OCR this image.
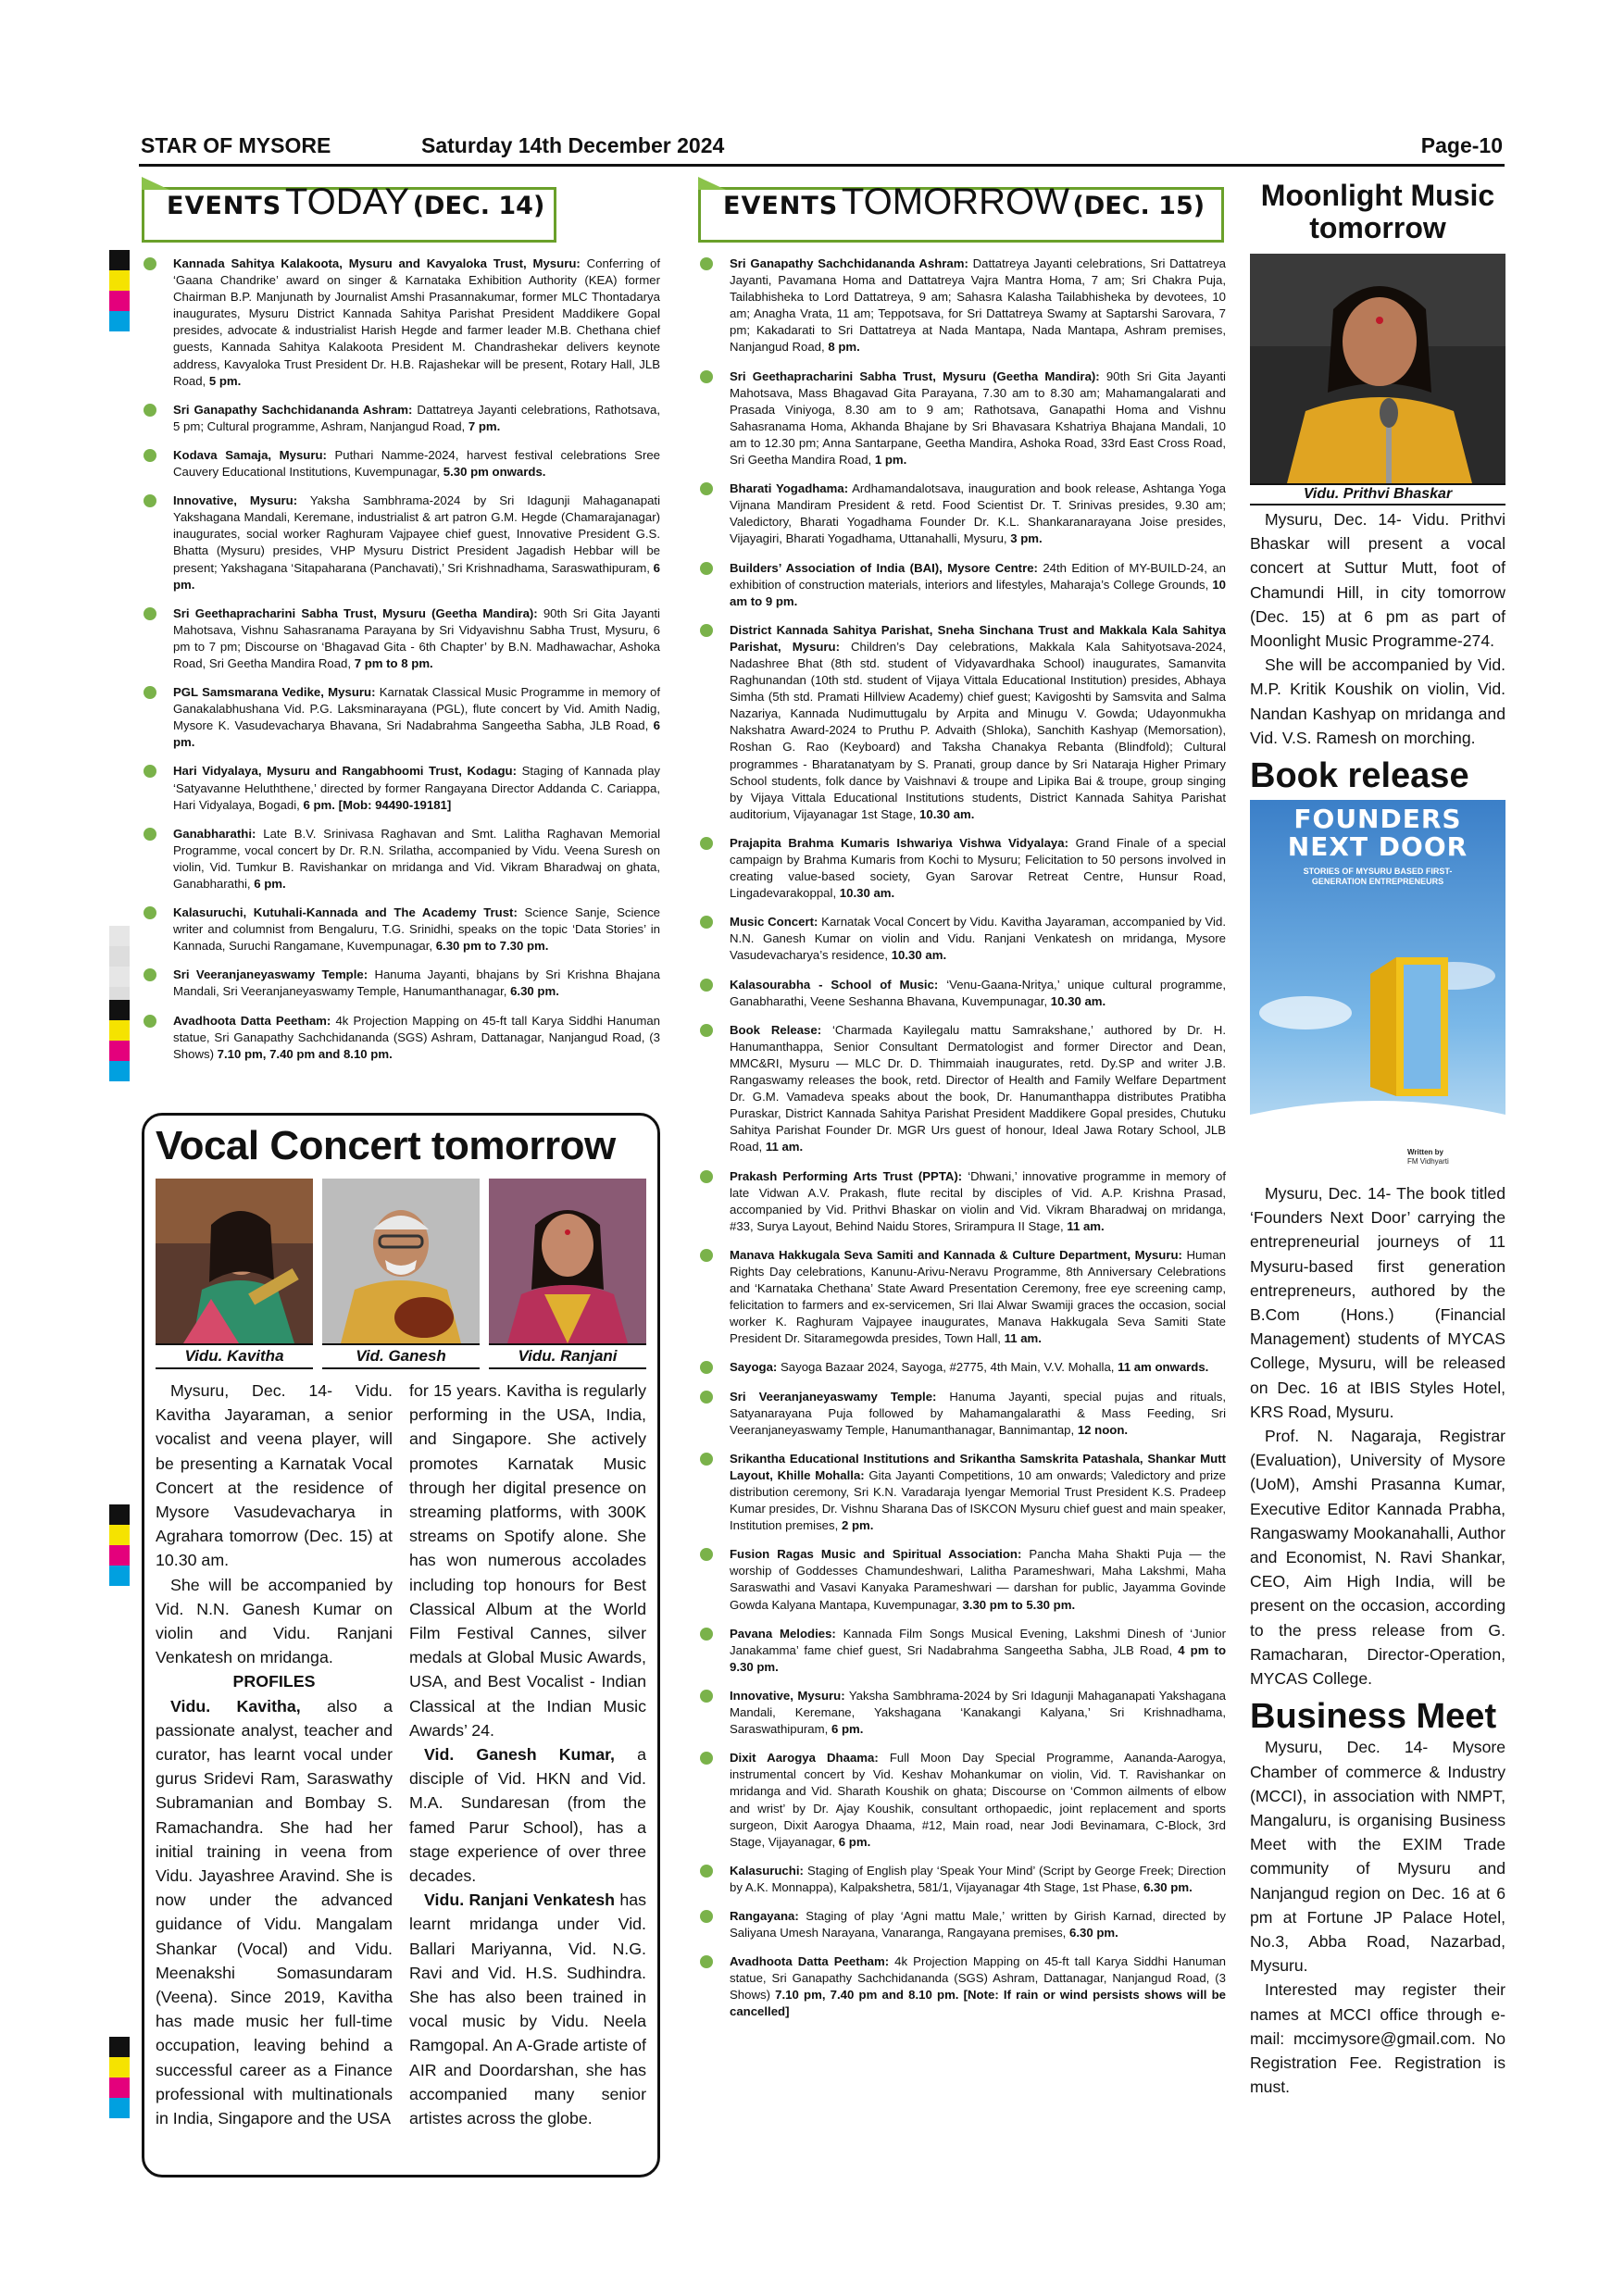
STAR OF MYSORE	Saturday 14th December 2024	Page-10
EVENTS TODAY (DEC. 14)
Kannada Sahitya Kalakoota, Mysuru and Kavyaloka Trust, Mysuru: Conferring of ‘Gaana Chandrike’ award on singer & Karnataka Exhibition Authority (KEA) former Chairman B.P. Manjunath by Journalist Amshi Prasannakumar, former MLC Thontadarya inaugurates, Mysuru District Kannada Sahitya Parishat President Maddikere Gopal presides, advocate & industrialist Harish Hegde and farmer leader M.B. Chethana chief guests, Kannada Sahitya Kalakoota President M. Chandrashekar delivers keynote address, Kavyaloka Trust President Dr. H.B. Rajashekar will be present, Rotary Hall, JLB Road, 5 pm.
Sri Ganapathy Sachchidananda Ashram: Dattatreya Jayanti celebrations, Rathotsava, 5 pm; Cultural programme, Ashram, Nanjangud Road, 7 pm.
Kodava Samaja, Mysuru: Puthari Namme-2024, harvest festival celebrations Sree Cauvery Educational Institutions, Kuvempunagar, 5.30 pm onwards.
Innovative, Mysuru: Yaksha Sambhrama-2024 by Sri Idagunji Mahaganapati Yakshagana Mandali, Keremane, industrialist & art patron G.M. Hegde (Chamarajanagar) inaugurates, social worker Raghuram Vajpayee chief guest, Innovative President G.S. Bhatta (Mysuru) presides, VHP Mysuru District President Jagadish Hebbar will be present; Yakshagana ‘Sitapaharana (Panchavati),’ Sri Krishnadhama, Saraswathipuram, 6 pm.
Sri Geethapracharini Sabha Trust, Mysuru (Geetha Mandira): 90th Sri Gita Jayanti Mahotsava, Vishnu Sahasranama Parayana by Sri Vidyavishnu Sabha Trust, Mysuru, 6 pm to 7 pm; Discourse on ‘Bhagavad Gita - 6th Chapter’ by B.N. Madhawachar, Ashoka Road, Sri Geetha Mandira Road, 7 pm to 8 pm.
PGL Samsmarana Vedike, Mysuru: Karnatak Classical Music Programme in memory of Ganakalabhushana Vid. P.G. Laksminarayana (PGL), flute concert by Vid. Amith Nadig, Mysore K. Vasudevacharya Bhavana, Sri Nadabrahma Sangeetha Sabha, JLB Road, 6 pm.
Hari Vidyalaya, Mysuru and Rangabhoomi Trust, Kodagu: Staging of Kannada play ‘Satyavanne Heluththene,’ directed by former Rangayana Director Addanda C. Cariappa, Hari Vidyalaya, Bogadi, 6 pm. [Mob: 94490-19181]
Ganabharathi: Late B.V. Srinivasa Raghavan and Smt. Lalitha Raghavan Memorial Programme, vocal concert by Dr. R.N. Srilatha, accompanied by Vidu. Veena Suresh on violin, Vid. Tumkur B. Ravishankar on mridanga and Vid. Vikram Bharadwaj on ghata, Ganabharathi, 6 pm.
Kalasuruchi, Kutuhali-Kannada and The Academy Trust: Science Sanje, Science writer and columnist from Bengaluru, T.G. Srinidhi, speaks on the topic ‘Data Stories’ in Kannada, Suruchi Rangamane, Kuvempunagar, 6.30 pm to 7.30 pm.
Sri Veeranjaneyaswamy Temple: Hanuma Jayanti, bhajans by Sri Krishna Bhajana Mandali, Sri Veeranjaneyaswamy Temple, Hanumanthanagar, 6.30 pm.
Avadhoota Datta Peetham: 4k Projection Mapping on 45-ft tall Karya Siddhi Hanuman statue, Sri Ganapathy Sachchidananda (SGS) Ashram, Dattanagar, Nanjangud Road, (3 Shows) 7.10 pm, 7.40 pm and 8.10 pm.
Vocal Concert tomorrow
Vidu. Kavitha	Vid. Ganesh	Vidu. Ranjani

Mysuru, Dec. 14- Vidu. Kavitha Jayaraman, a senior vocalist and veena player, will be presenting a Karnatak Vocal Concert at the residence of Mysore Vasudevacharya in Agrahara tomorrow (Dec. 15) at 10.30 am.

She will be accompanied by Vid. N.N. Ganesh Kumar on violin and Vidu. Ranjani Venkatesh on mridanga.

PROFILES

Vidu. Kavitha, also a passionate analyst, teacher and curator, has learnt vocal under gurus Sridevi Ram, Saraswathy Subramanian and Bombay S. Ramachandra. She had her initial training in veena from Vidu. Jayashree Aravind. She is now under the advanced guidance of Vidu. Mangalam Shankar (Vocal) and Vidu. Meenakshi Somasundaram (Veena). Since 2019, Kavitha has made music her full-time occupation, leaving behind a successful career as a Finance professional with multinationals in India, Singapore and the USA

for 15 years. Kavitha is regularly performing in the USA, India, and Singapore. She actively promotes Karnatak Music through her digital presence on streaming platforms, with 300K streams on Spotify alone. She has won numerous accolades including top honours for Best Classical Album at the World Film Festival Cannes, silver medals at Global Music Awards, USA, and Best Vocalist - Indian Classical at the Indian Music Awards’ 24.

Vid. Ganesh Kumar, a disciple of Vid. HKN and Vid. M.A. Sundaresan (from the famed Parur School), has a stage experience of over three decades.

Vidu. Ranjani Venkatesh has learnt mridanga under Vid. Ballari Mariyanna, Vid. N.G. Ravi and Vid. H.S. Sudhindra. She has also been trained in vocal music by Vidu. Neela Ramgopal. An A-Grade artiste of AIR and Doordarshan, she has accompanied many senior artistes across the globe.

EVENTS TOMORROW (DEC. 15)
Sri Ganapathy Sachchidananda Ashram: Dattatreya Jayanti celebrations, Sri Dattatreya Jayanti, Pavamana Homa and Dattatreya Vajra Mantra Homa, 7 am; Sri Chakra Puja, Tailabhisheka to Lord Dattatreya, 9 am; Sahasra Kalasha Tailabhisheka by devotees, 10 am; Anagha Vrata, 11 am; Teppotsava, for Sri Dattatreya Swamy at Saptarshi Sarovara, 7 pm; Kakadarati to Sri Dattatreya at Nada Mantapa, Nada Mantapa, Ashram premises, Nanjangud Road, 8 pm.
Sri Geethapracharini Sabha Trust, Mysuru (Geetha Mandira): 90th Sri Gita Jayanti Mahotsava, Mass Bhagavad Gita Parayana, 7.30 am to 8.30 am; Mahamangalarati and Prasada Viniyoga, 8.30 am to 9 am; Rathotsava, Ganapathi Homa and Vishnu Sahasranama Homa, Akhanda Bhajane by Sri Bhavasara Kshatriya Bhajana Mandali, 10 am to 12.30 pm; Anna Santarpane, Geetha Mandira, Ashoka Road, 33rd East Cross Road, Sri Geetha Mandira Road, 1 pm.
Bharati Yogadhama: Ardhamandalotsava, inauguration and book release, Ashtanga Yoga Vijnana Mandiram President & retd. Food Scientist Dr. T. Srinivas presides, 9.30 am; Valedictory, Bharati Yogadhama Founder Dr. K.L. Shankaranarayana Joise presides, Vijayagiri, Bharati Yogadhama, Uttanahalli, Mysuru, 3 pm.
Builders’ Association of India (BAI), Mysore Centre: 24th Edition of MY-BUILD-24, an exhibition of construction materials, interiors and lifestyles, Maharaja’s College Grounds, 10 am to 9 pm.
District Kannada Sahitya Parishat, Sneha Sinchana Trust and Makkala Kala Sahitya Parishat, Mysuru: Children’s Day celebrations, Makkala Kala Sahityotsava-2024, Nadashree Bhat (8th std. student of Vidyavardhaka School) inaugurates, Samanvita Raghunandan (10th std. student of Vijaya Vittala Educational Institution) presides, Abhaya Simha (5th std. Pramati Hillview Academy) chief guest; Kavigoshti by Samsvita and Salma Nazariya, Kannada Nudimuttugalu by Arpita and Minugu V. Gowda; Udayonmukha Nakshatra Award-2024 to Pruthu P. Advaith (Shloka), Sanchith Kashyap (Memorsation), Roshan G. Rao (Keyboard) and Taksha Chanakya Rebanta (Blindfold); Cultural programmes - Bharatanatyam by S. Pranati, group dance by Sri Nataraja Higher Primary School students, folk dance by Vaishnavi & troupe and Lipika Bai & troupe, group singing by Vijaya Vittala Educational Institutions students, District Kannada Sahitya Parishat auditorium, Vijayanagar 1st Stage, 10.30 am.
Prajapita Brahma Kumaris Ishwariya Vishwa Vidyalaya: Grand Finale of a special campaign by Brahma Kumaris from Kochi to Mysuru; Felicitation to 50 persons involved in creating value-based society, Gyan Sarovar Retreat Centre, Hunsur Road, Lingadevarakoppal, 10.30 am.
Music Concert: Karnatak Vocal Concert by Vidu. Kavitha Jayaraman, accompanied by Vid. N.N. Ganesh Kumar on violin and Vidu. Ranjani Venkatesh on mridanga, Mysore Vasudevacharya’s residence, 10.30 am.
Kalasourabha - School of Music: ‘Venu-Gaana-Nritya,’ unique cultural programme, Ganabharathi, Veene Seshanna Bhavana, Kuvempunagar, 10.30 am.
Book Release: ‘Charmada Kayilegalu mattu Samrakshane,’ authored by Dr. H. Hanumanthappa, Senior Consultant Dermatologist and former Director and Dean, MMC&RI, Mysuru — MLC Dr. D. Thimmaiah inaugurates, retd. Dy.SP and writer J.B. Rangaswamy releases the book, retd. Director of Health and Family Welfare Department Dr. G.M. Vamadeva speaks about the book, Dr. Hanumanthappa distributes Pratibha Puraskar, District Kannada Sahitya Parishat President Maddikere Gopal presides, Chutuku Sahitya Parishat Founder Dr. MGR Urs guest of honour, Ideal Jawa Rotary School, JLB Road, 11 am.
Prakash Performing Arts Trust (PPTA): ‘Dhwani,’ innovative programme in memory of late Vidwan A.V. Prakash, flute recital by disciples of Vid. A.P. Krishna Prasad, accompanied by Vid. Prithvi Bhaskar on violin and Vid. Vikram Bharadwaj on mridanga, #33, Surya Layout, Behind Naidu Stores, Srirampura II Stage, 11 am.
Manava Hakkugala Seva Samiti and Kannada & Culture Department, Mysuru: Human Rights Day celebrations, Kanunu-Arivu-Neravu Programme, 8th Anniversary Celebrations and ‘Karnataka Chethana’ State Award Presentation Ceremony, free eye screening camp, felicitation to farmers and ex-servicemen, Sri Ilai Alwar Swamiji graces the occasion, social worker K. Raghuram Vajpayee inaugurates, Manava Hakkugala Seva Samiti State President Dr. Sitaramegowda presides, Town Hall, 11 am.
Sayoga: Sayoga Bazaar 2024, Sayoga, #2775, 4th Main, V.V. Mohalla, 11 am onwards.
Sri Veeranjaneyaswamy Temple: Hanuma Jayanti, special pujas and rituals, Satyanarayana Puja followed by Mahamangalarathi & Mass Feeding, Sri Veeranjaneyaswamy Temple, Hanumanthanagar, Bannimantap, 12 noon.
Srikantha Educational Institutions and Srikantha Samskrita Patashala, Shankar Mutt Layout, Khille Mohalla: Gita Jayanti Competitions, 10 am onwards; Valedictory and prize distribution ceremony, Sri K.N. Varadaraja Iyengar Memorial Trust President K.S. Pradeep Kumar presides, Dr. Vishnu Sharana Das of ISKCON Mysuru chief guest and main speaker, Institution premises, 2 pm.
Fusion Ragas Music and Spiritual Association: Pancha Maha Shakti Puja — the worship of Goddesses Chamundeshwari, Lalitha Parameshwari, Maha Lakshmi, Maha Saraswathi and Vasavi Kanyaka Parameshwari — darshan for public, Jayamma Govinde Gowda Kalyana Mantapa, Kuvempunagar, 3.30 pm to 5.30 pm.
Pavana Melodies: Kannada Film Songs Musical Evening, Lakshmi Dinesh of ‘Junior Janakamma’ fame chief guest, Sri Nadabrahma Sangeetha Sabha, JLB Road, 4 pm to 9.30 pm.
Innovative, Mysuru: Yaksha Sambhrama-2024 by Sri Idagunji Mahaganapati Yakshagana Mandali, Keremane, Yakshagana ‘Kanakangi Kalyana,’ Sri Krishnadhama, Saraswathipuram, 6 pm.
Dixit Aarogya Dhaama: Full Moon Day Special Programme, Aananda-Aarogya, instrumental concert by Vid. Keshav Mohankumar on violin, Vid. T. Ravishankar on mridanga and Vid. Sharath Koushik on ghata; Discourse on ‘Common ailments of elbow and wrist’ by Dr. Ajay Koushik, consultant orthopaedic, joint replacement and sports surgeon, Dixit Aarogya Dhaama, #12, Main road, near Jodi Bevinamara, C-Block, 3rd Stage, Vijayanagar, 6 pm.
Kalasuruchi: Staging of English play ‘Speak Your Mind’ (Script by George Freek; Direction by A.K. Monnappa), Kalpakshetra, 581/1, Vijayanagar 4th Stage, 1st Phase, 6.30 pm.
Rangayana: Staging of play ‘Agni mattu Male,’ written by Girish Karnad, directed by Saliyana Umesh Narayana, Vanaranga, Rangayana premises, 6.30 pm.
Avadhoota Datta Peetham: 4k Projection Mapping on 45-ft tall Karya Siddhi Hanuman statue, Sri Ganapathy Sachchidananda (SGS) Ashram, Dattanagar, Nanjangud Road, (3 Shows) 7.10 pm, 7.40 pm and 8.10 pm. [Note: If rain or wind persists shows will be cancelled]
Moonlight Music tomorrow
Vidu. Prithvi Bhaskar

Mysuru, Dec. 14- Vidu. Prithvi Bhaskar will present a vocal concert at Suttur Mutt, foot of Chamundi Hill, in city tomorrow (Dec. 15) at 6 pm as part of Moonlight Music Programme-274.

She will be accompanied by Vid. M.P. Kritik Koushik on violin, Vid. Nandan Kashyap on mridanga and Vid. V.S. Ramesh on morching.

Book release
FOUNDERS NEXT DOOR
STORIES OF MYSURU BASED FIRST-GENERATION ENTREPRENEURS
Written by
FM Vidhyarti

Mysuru, Dec. 14- The book titled ‘Founders Next Door’ carrying the entrepreneurial journeys of 11 Mysuru-based first generation entrepreneurs, authored by the B.Com (Hons.) (Financial Management) students of MYCAS College, Mysuru, will be released on Dec. 16 at IBIS Styles Hotel, KRS Road, Mysuru.

Prof. N. Nagaraja, Registrar (Evaluation), University of Mysore (UoM), Amshi Prasanna Kumar, Executive Editor Kannada Prabha, Rangaswamy Mookanahalli, Author and Economist, N. Ravi Shankar, CEO, Aim High India, will be present on the occasion, according to the press release from G. Ramacharan, Director-Operation, MYCAS College.

Business Meet

Mysuru, Dec. 14- Mysore Chamber of commerce & Industry (MCCI), in association with NMPT, Mangaluru, is organising Business Meet with the EXIM Trade community of Mysuru and Nanjangud region on Dec. 16 at 6 pm at Fortune JP Palace Hotel, No.3, Abba Road, Nazarbad, Mysuru.

Interested may register their names at MCCI office through e-mail: mccimysore@gmail.com. No Registration Fee. Registration is must.
